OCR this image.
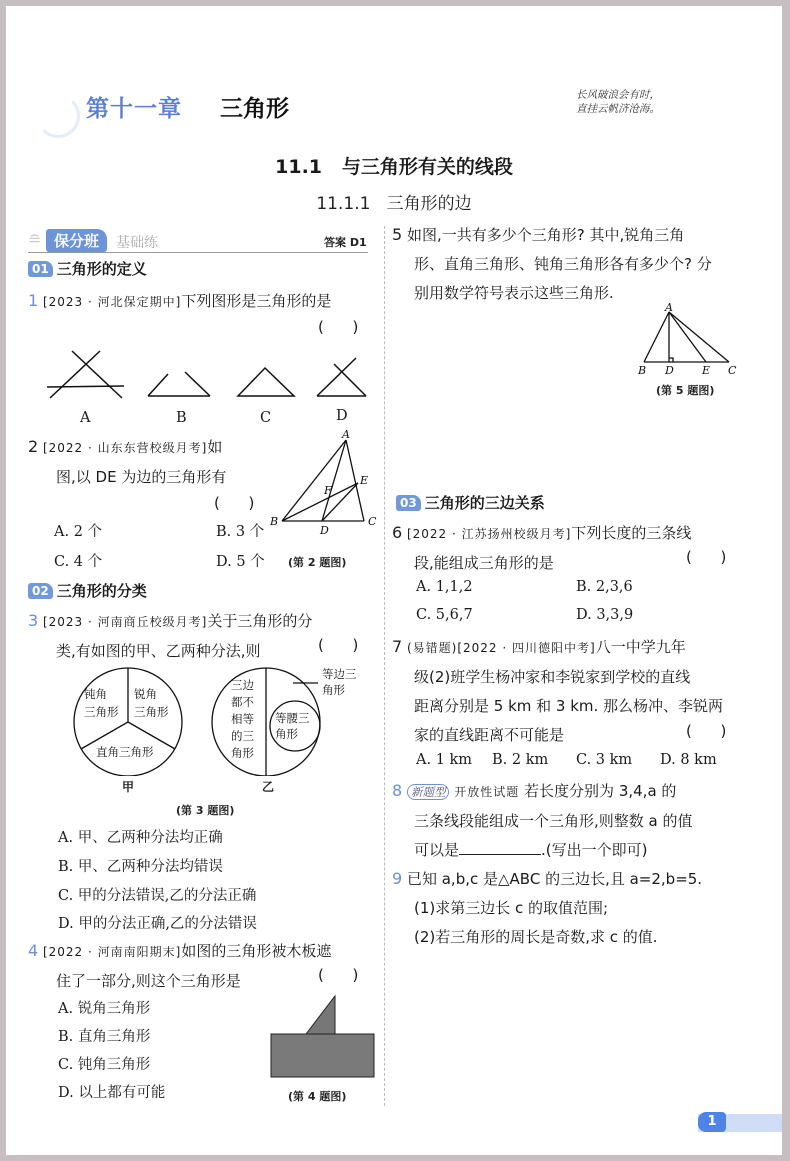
第十一章 三角形
长风破浪会有时，
直挂云帆济沧海。
11.1   与三角形有关的线段
11.1.1   三角形的边
≘ 保分班	基础练	答案 D1
01 三角形的定义
1 [2023 · 河北保定期中]下列图形是三角形的是
(      )
A	B	C	D
2 [2022 · 山东东营校级月考]如
图,以 DE 为边的三角形有
(      )
A. 2 个	B. 3 个
C. 4 个	D. 5 个
A
E
F
B
D
C
(第 2 题图)
02 三角形的分类
3 [2023 · 河南商丘校级月考]关于三角形的分
类,有如图的甲、乙两种分法,则	(      )
钝角
三角形
锐角
三角形
直角三角形
三边
都不
相等
的三
角形
等腰三
角形
等边三
角形
甲	乙
(第 3 题图)
A. 甲、乙两种分法均正确
B. 甲、乙两种分法均错误
C. 甲的分法错误,乙的分法正确
D. 甲的分法正确,乙的分法错误
4 [2022 · 河南南阳期末]如图的三角形被木板遮
住了一部分,则这个三角形是	(      )
A. 锐角三角形
B. 直角三角形
C. 钝角三角形
D. 以上都有可能	(第 4 题图)
5 如图,一共有多少个三角形? 其中,锐角三角
形、直角三角形、钝角三角形各有多少个? 分
别用数学符号表示这些三角形.
A
B D	E C
(第 5 题图)
03 三角形的三边关系
6 [2022 · 江苏扬州校级月考]下列长度的三条线
段,能组成三角形的是	(      )
A. 1,1,2	B. 2,3,6
C. 5,6,7	D. 3,3,9
7 (易错题)[2022 · 四川德阳中考]八一中学九年
级(2)班学生杨冲家和李锐家到学校的直线
距离分别是 5 km 和 3 km. 那么杨冲、李锐两
家的直线距离不可能是	(      )
A. 1 km B. 2 km C. 3 km D. 8 km
8 新题型 开放性试题 若长度分别为 3,4,a 的
三条线段能组成一个三角形,则整数 a 的值
可以是	.(写出一个即可)
9 已知 a,b,c 是△ABC 的三边长,且 a=2,b=5.
(1)求第三边长 c 的取值范围;
(2)若三角形的周长是奇数,求 c 的值.
1
